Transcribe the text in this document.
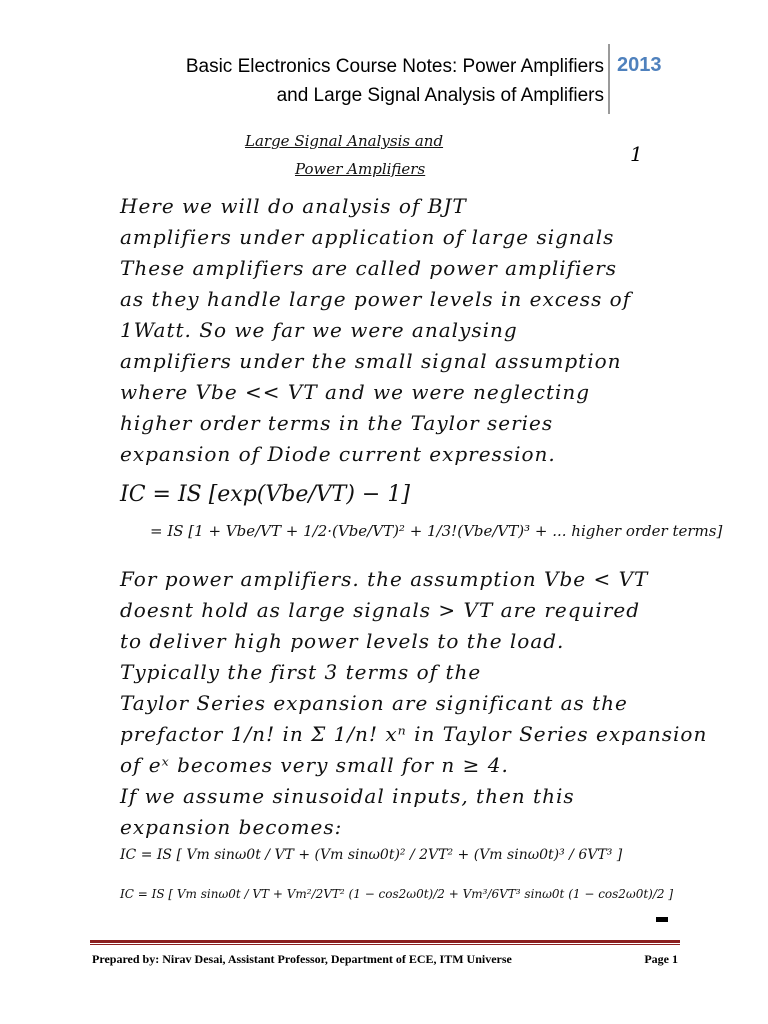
Basic Electronics Course Notes: Power Amplifiers
and Large Signal Analysis of Amplifiers
2013
1
Large Signal Analysis and
Power Amplifiers
Here we will do analysis of BJT
amplifiers under application of large signals
These amplifiers are called power amplifiers
as they handle large power levels in excess of
1Watt. So we far we were analysing
amplifiers under the small signal assumption
where Vbe << VT and we were neglecting
higher order terms in the Taylor series
expansion of Diode current expression.
IC = IS [exp(Vbe/VT) − 1]
= IS [1 + Vbe/VT + 1/2·(Vbe/VT)² + 1/3!(Vbe/VT)³ + ... higher order terms]
For power amplifiers. the assumption Vbe < VT
doesnt hold as large signals > VT are required
to deliver high power levels to the load.
Typically the first 3 terms of the
Taylor Series expansion are significant as the
prefactor 1/n! in Σ 1/n! xⁿ in Taylor Series expansion
of eˣ becomes very small for n ≥ 4.
If we assume sinusoidal inputs, then this
expansion becomes:
IC = IS [ Vm sinω0t / VT + (Vm sinω0t)² / 2VT² + (Vm sinω0t)³ / 6VT³ ]
IC = IS [ Vm sinω0t / VT + Vm²/2VT² (1 − cos2ω0t)/2 + Vm³/6VT³ sinω0t (1 − cos2ω0t)/2 ]
Prepared by: Nirav Desai, Assistant Professor, Department of ECE, ITM Universe	Page 1
